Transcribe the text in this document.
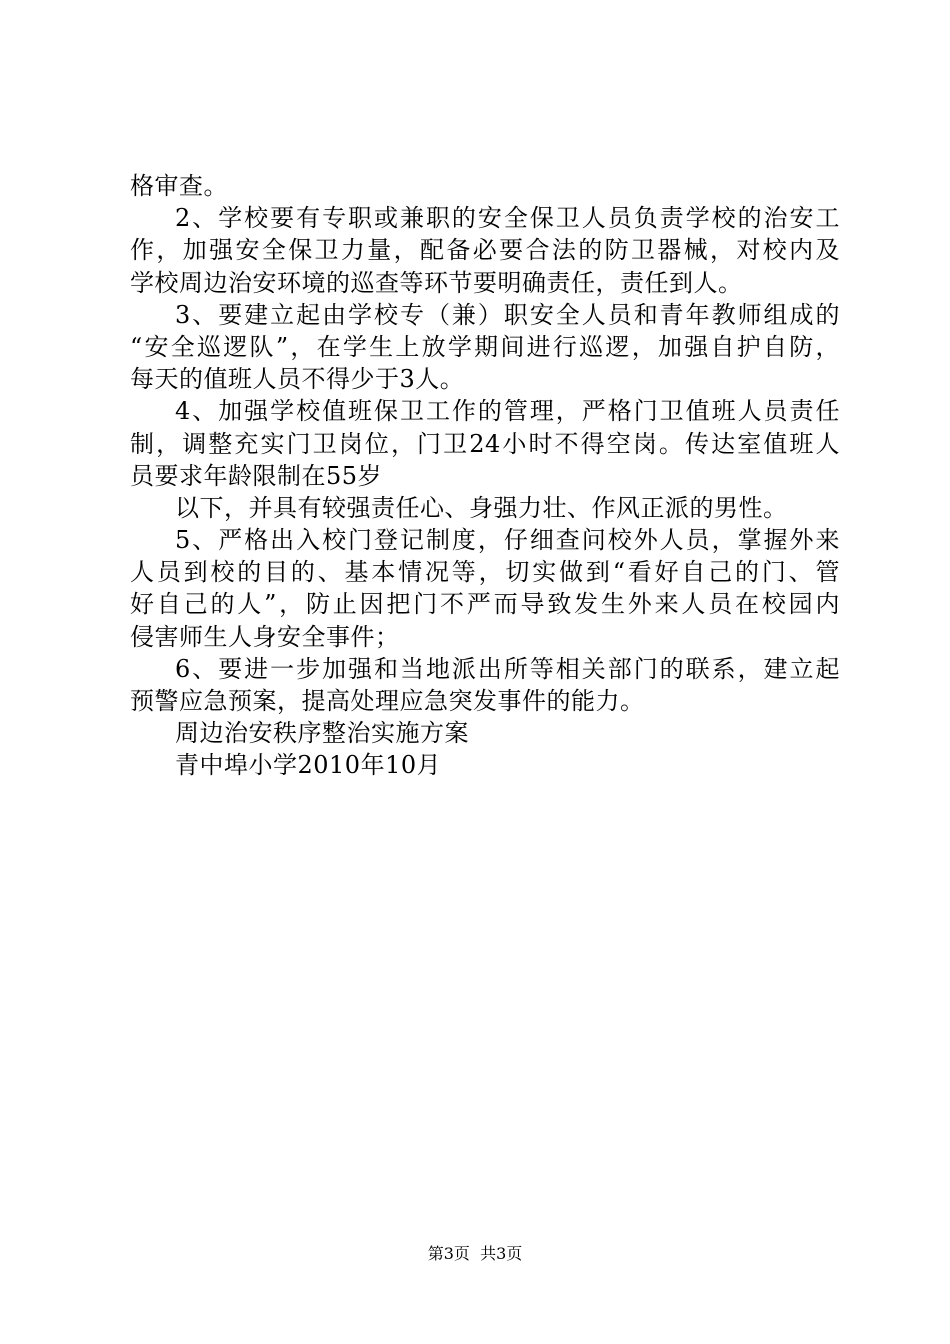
格审查。
2、学校要有专职或兼职的安全保卫人员负责学校的治安工
作，加强安全保卫力量，配备必要合法的防卫器械，对校内及
学校周边治安环境的巡查等环节要明确责任，责任到人。
3、要建立起由学校专（兼）职安全人员和青年教师组成的
“安全巡逻队”，在学生上放学期间进行巡逻，加强自护自防，
每天的值班人员不得少于3人。
4、加强学校值班保卫工作的管理，严格门卫值班人员责任
制，调整充实门卫岗位，门卫24小时不得空岗。传达室值班人
员要求年龄限制在55岁
以下，并具有较强责任心、身强力壮、作风正派的男性。
5、严格出入校门登记制度，仔细查问校外人员，掌握外来
人员到校的目的、基本情况等，切实做到“看好自己的门、管
好自己的人”，防止因把门不严而导致发生外来人员在校园内
侵害师生人身安全事件；
6、要进一步加强和当地派出所等相关部门的联系，建立起
预警应急预案，提高处理应急突发事件的能力。
周边治安秩序整治实施方案
青中埠小学2010年10月
第3页  共3页
